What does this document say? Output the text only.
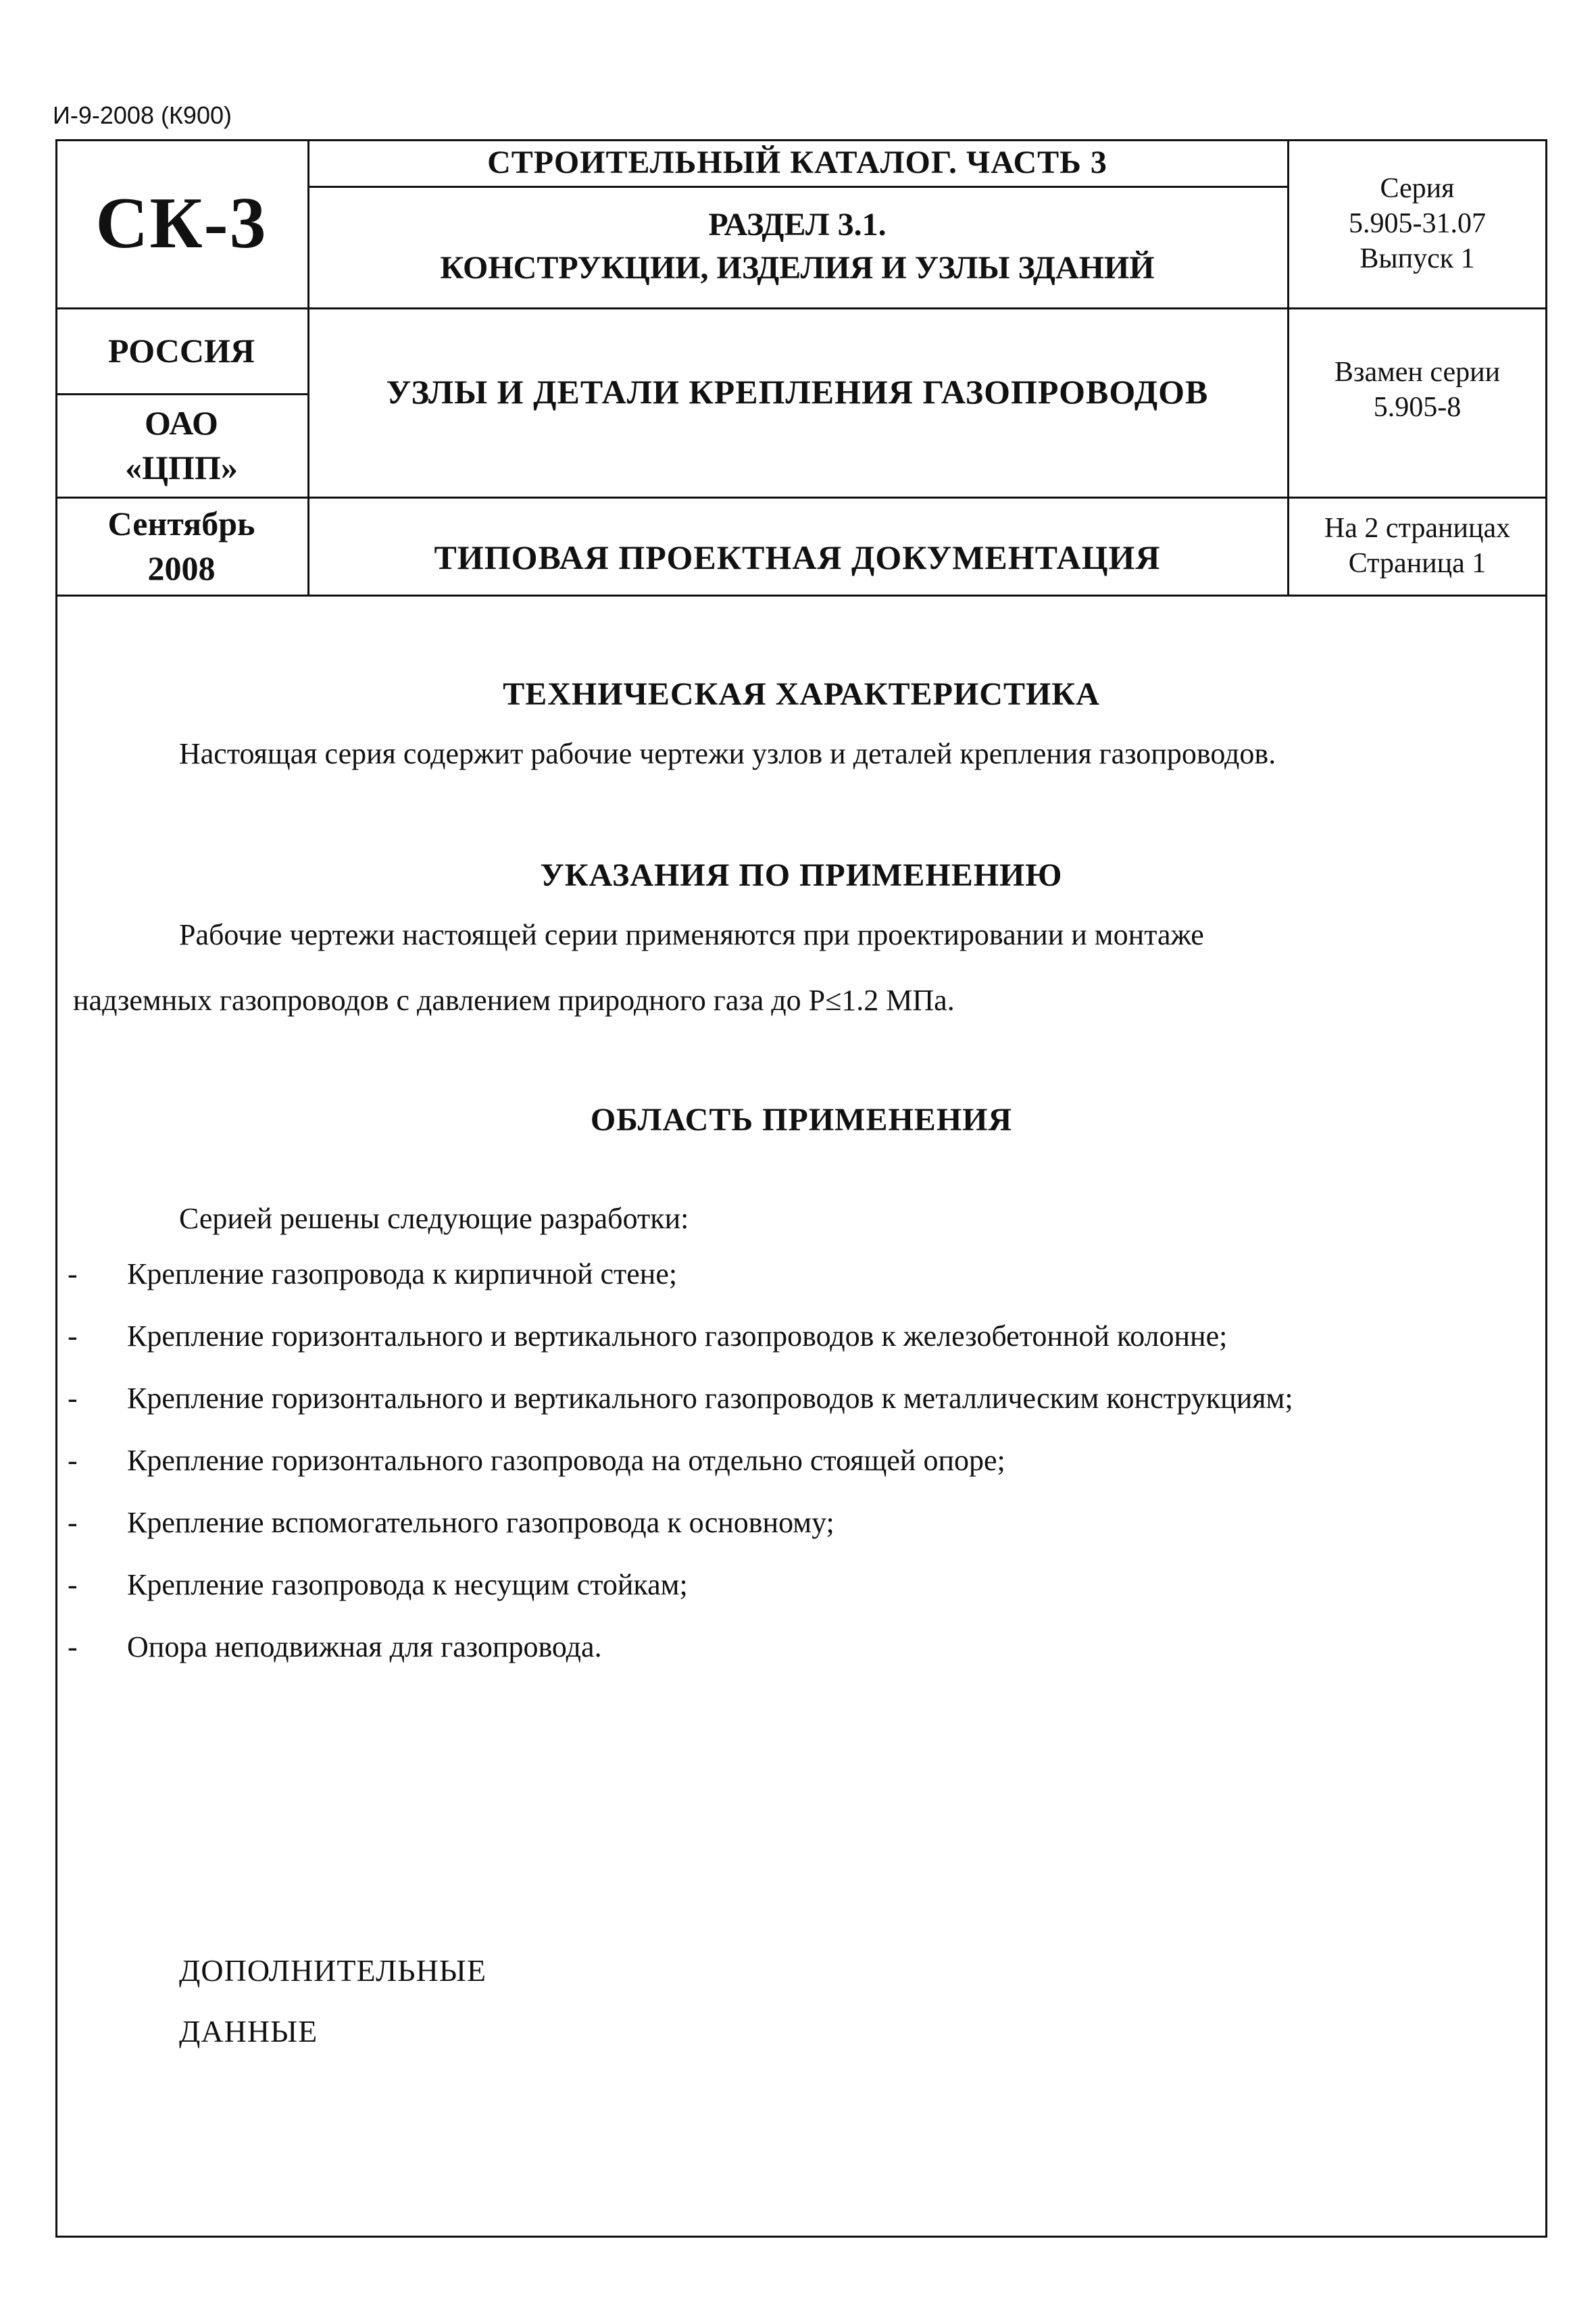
И-9-2008 (К900)
СК-3
РОССИЯ
ОАО
«ЦПП»
Сентябрь
2008
СТРОИТЕЛЬНЫЙ КАТАЛОГ. ЧАСТЬ 3
РАЗДЕЛ 3.1.
КОНСТРУКЦИИ, ИЗДЕЛИЯ И УЗЛЫ ЗДАНИЙ
УЗЛЫ И ДЕТАЛИ КРЕПЛЕНИЯ ГАЗОПРОВОДОВ
ТИПОВАЯ ПРОЕКТНАЯ ДОКУМЕНТАЦИЯ
Серия
5.905-31.07
Выпуск 1
Взамен серии
5.905-8
На 2 страницах
Страница 1
ТЕХНИЧЕСКАЯ ХАРАКТЕРИСТИКА
Настоящая серия содержит рабочие чертежи узлов и деталей крепления газопроводов.
УКАЗАНИЯ ПО ПРИМЕНЕНИЮ
Рабочие чертежи настоящей серии применяются при проектировании и монтаже
надземных газопроводов с давлением природного газа до Р≤1.2 МПа.
ОБЛАСТЬ ПРИМЕНЕНИЯ
Серией решены следующие разработки:
- Крепление газопровода к кирпичной стене;
- Крепление горизонтального и вертикального газопроводов к железобетонной колонне;
- Крепление горизонтального и вертикального газопроводов к металлическим конструкциям;
- Крепление горизонтального газопровода на отдельно стоящей опоре;
- Крепление вспомогательного газопровода к основному;
- Крепление газопровода к несущим стойкам;
- Опора неподвижная для газопровода.
ДОПОЛНИТЕЛЬНЫЕ
ДАННЫЕ
